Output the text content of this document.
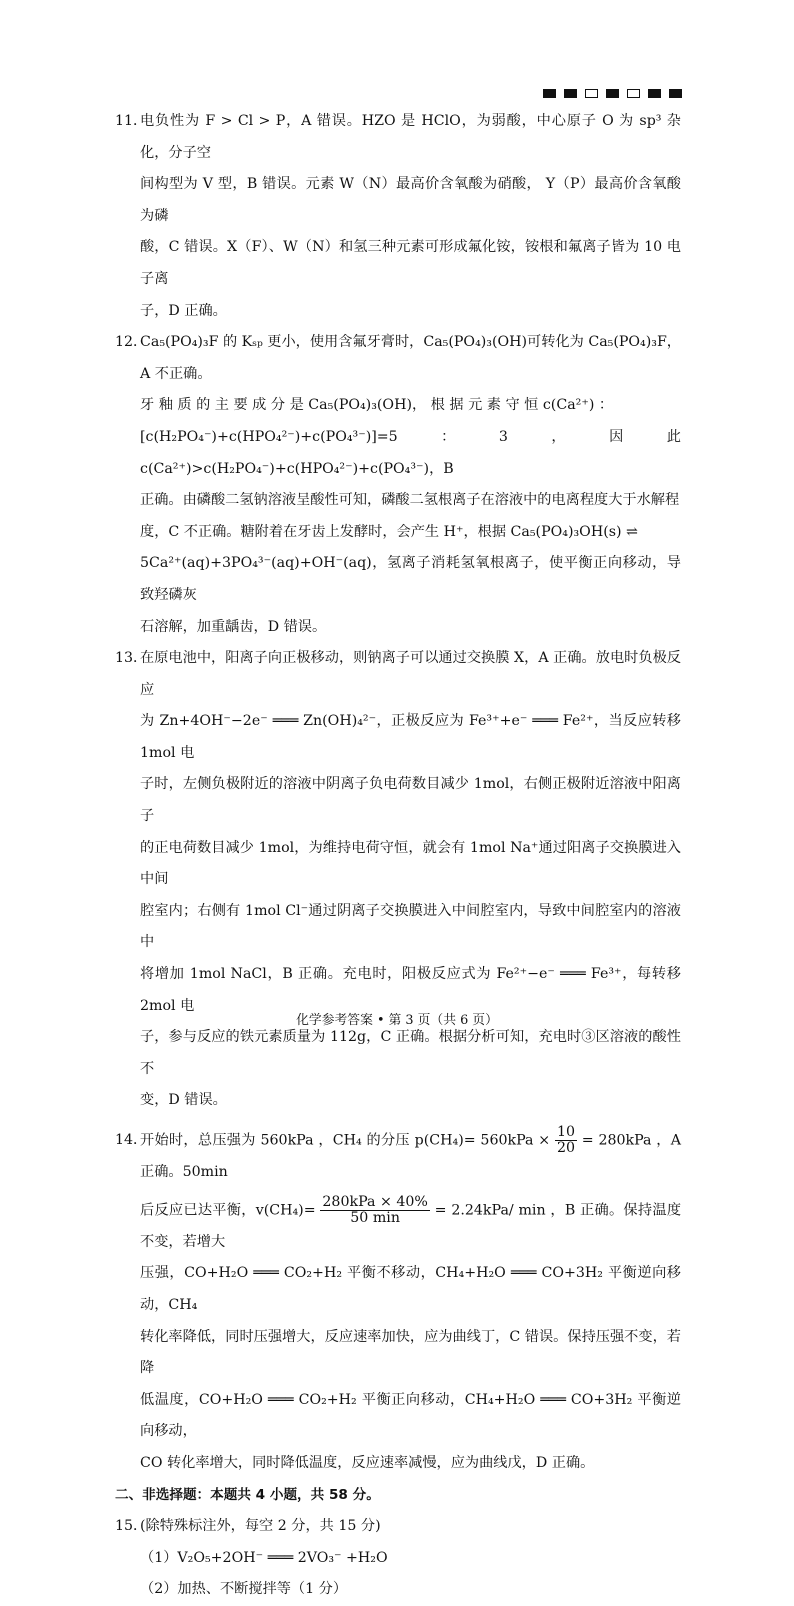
11．
电负性为 F > Cl > P，A 错误。HZO 是 HClO，为弱酸，中心原子 O 为 sp³ 杂化，分子空
间构型为 V 型，B 错误。元素 W（N）最高价含氧酸为硝酸， Y（P）最高价含氧酸为磷
酸，C 错误。X（F）、W（N）和氢三种元素可形成氟化铵，铵根和氟离子皆为 10 电子离
子，D 正确。
12．
Ca₅(PO₄)₃F 的 Kₛₚ 更小，使用含氟牙膏时，Ca₅(PO₄)₃(OH)可转化为 Ca₅(PO₄)₃F，A 不正确。
牙 釉 质 的 主 要 成 分 是 Ca₅(PO₄)₃(OH)， 根 据 元 素 守 恒 c(Ca²⁺) ：
[c(H₂PO₄⁻)+c(HPO₄²⁻)+c(PO₄³⁻)]=5：3，因此 c(Ca²⁺)>c(H₂PO₄⁻)+c(HPO₄²⁻)+c(PO₄³⁻)，B
正确。由磷酸二氢钠溶液呈酸性可知，磷酸二氢根离子在溶液中的电离程度大于水解程
度，C 不正确。糖附着在牙齿上发酵时，会产生 H⁺，根据 Ca₅(PO₄)₃OH(s) ⇌
5Ca²⁺(aq)+3PO₄³⁻(aq)+OH⁻(aq)，氢离子消耗氢氧根离子，使平衡正向移动，导致羟磷灰
石溶解，加重龋齿，D 错误。
13．
在原电池中，阳离子向正极移动，则钠离子可以通过交换膜 X，A 正确。放电时负极反应
为 Zn+4OH⁻−2e⁻ ═══ Zn(OH)₄²⁻，正极反应为 Fe³⁺+e⁻ ═══ Fe²⁺，当反应转移 1mol 电
子时，左侧负极附近的溶液中阴离子负电荷数目减少 1mol，右侧正极附近溶液中阳离子
的正电荷数目减少 1mol，为维持电荷守恒，就会有 1mol Na⁺通过阳离子交换膜进入中间
腔室内；右侧有 1mol Cl⁻通过阴离子交换膜进入中间腔室内，导致中间腔室内的溶液中
将增加 1mol NaCl，B 正确。充电时，阳极反应式为 Fe²⁺−e⁻ ═══ Fe³⁺，每转移 2mol 电
子，参与反应的铁元素质量为 112g，C 正确。根据分析可知，充电时③区溶液的酸性不
变，D 错误。
14．
开始时，总压强为 560kPa ，CH₄ 的分压 $p(CH_4)= 560kPa \times \frac{10}{20} = 280kPa$ ，A 正确。50min
后反应已达平衡，$v(CH_4)= \frac{\text{280kPa × 40\%}}{50 \min} = 2.24kPa/$ min ，B 正确。保持温度不变，若增大
压强，CO+H₂O ═══ CO₂+H₂ 平衡不移动，CH₄+H₂O ═══ CO+3H₂ 平衡逆向移动，CH₄
转化率降低，同时压强增大，反应速率加快，应为曲线丁，C 错误。保持压强不变，若降
低温度，CO+H₂O ═══ CO₂+H₂ 平衡正向移动，CH₄+H₂O ═══ CO+3H₂ 平衡逆向移动，
CO 转化率增大，同时降低温度，反应速率减慢，应为曲线戊，D 正确。
二、非选择题：本题共 4 小题，共 58 分。
15．
(除特殊标注外，每空 2 分，共 15 分)
（1）V₂O₅+2OH⁻ ═══ 2VO₃⁻ +H₂O
（2）加热、不断搅拌等（1 分）
化学参考答案 • 第 3 页（共 6 页）
